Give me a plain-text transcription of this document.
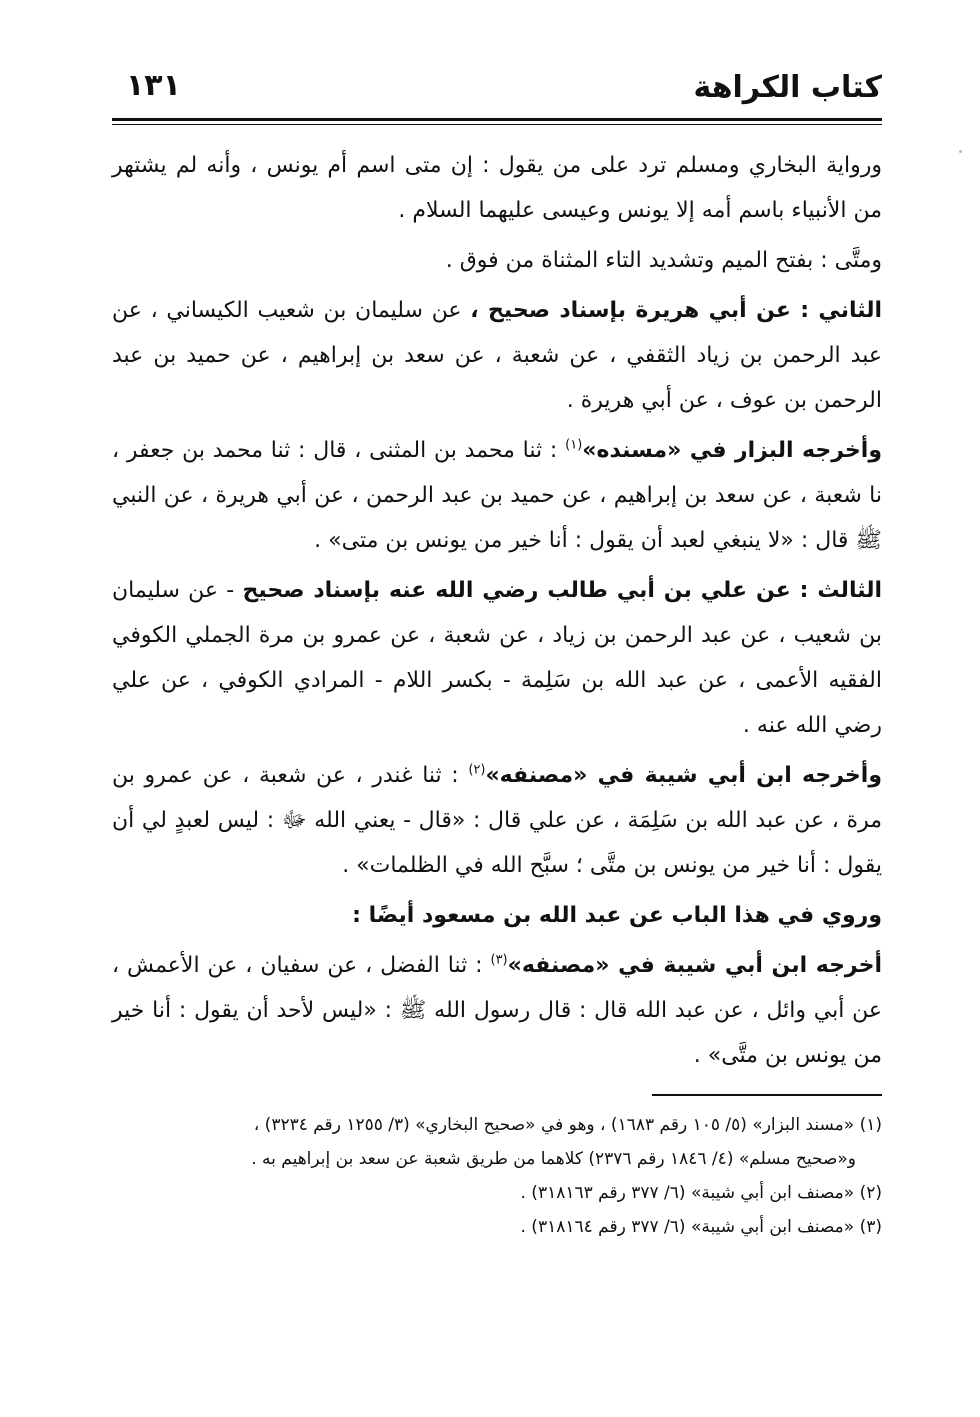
كتاب الكراهة
١٣١

ورواية البخاري ومسلم ترد على من يقول : إن متى اسم أم يونس ، وأنه لم يشتهر من الأنبياء باسم أمه إلا يونس وعيسى عليهما السلام .

ومتَّى : بفتح الميم وتشديد التاء المثناة من فوق .

الثاني : عن أبي هريرة بإسناد صحيح ، عن سليمان بن شعيب الكيساني ، عن عبد الرحمن بن زياد الثقفي ، عن شعبة ، عن سعد بن إبراهيم ، عن حميد بن عبد الرحمن بن عوف ، عن أبي هريرة .

وأخرجه البزار في «مسنده»$^{(١)}$ : ثنا محمد بن المثنى ، قال : ثنا محمد بن جعفر ، نا شعبة ، عن سعد بن إبراهيم ، عن حميد بن عبد الرحمن ، عن أبي هريرة ، عن النبي ﷺ قال : «لا ينبغي لعبد أن يقول : أنا خير من يونس بن متى» .

الثالث : عن علي بن أبي طالب رضي الله عنه بإسناد صحيح - عن سليمان بن شعيب ، عن عبد الرحمن بن زياد ، عن شعبة ، عن عمرو بن مرة الجملي الكوفي الفقيه الأعمى ، عن عبد الله بن سَلِمة - بكسر اللام - المرادي الكوفي ، عن علي رضي الله عنه .

وأخرجه ابن أبي شيبة في «مصنفه»$^{(٢)}$ : ثنا غندر ، عن شعبة ، عن عمرو بن مرة ، عن عبد الله بن سَلِمَة ، عن علي قال : «قال - يعني الله ﷻ : ليس لعبدٍ لي أن يقول : أنا خير من يونس بن متَّى ؛ سبَّح الله في الظلمات» .

وروي في هذا الباب عن عبد الله بن مسعود أيضًا :

أخرجه ابن أبي شيبة في «مصنفه»$^{(٣)}$ : ثنا الفضل ، عن سفيان ، عن الأعمش ، عن أبي وائل ، عن عبد الله قال : قال رسول الله ﷺ : «ليس لأحد أن يقول : أنا خير من يونس بن متَّى» .

(١) «مسند البزار» (٥/ ١٠٥ رقم ١٦٨٣) ، وهو في «صحيح البخاري» (٣/ ١٢٥٥ رقم ٣٢٣٤) ،

و«صحيح مسلم» (٤/ ١٨٤٦ رقم ٢٣٧٦) كلاهما من طريق شعبة عن سعد بن إبراهيم به .

(٢) «مصنف ابن أبي شيبة» (٦/ ٣٧٧ رقم ٣١٨١٦٣) .

(٣) «مصنف ابن أبي شيبة» (٦/ ٣٧٧ رقم ٣١٨١٦٤) .
